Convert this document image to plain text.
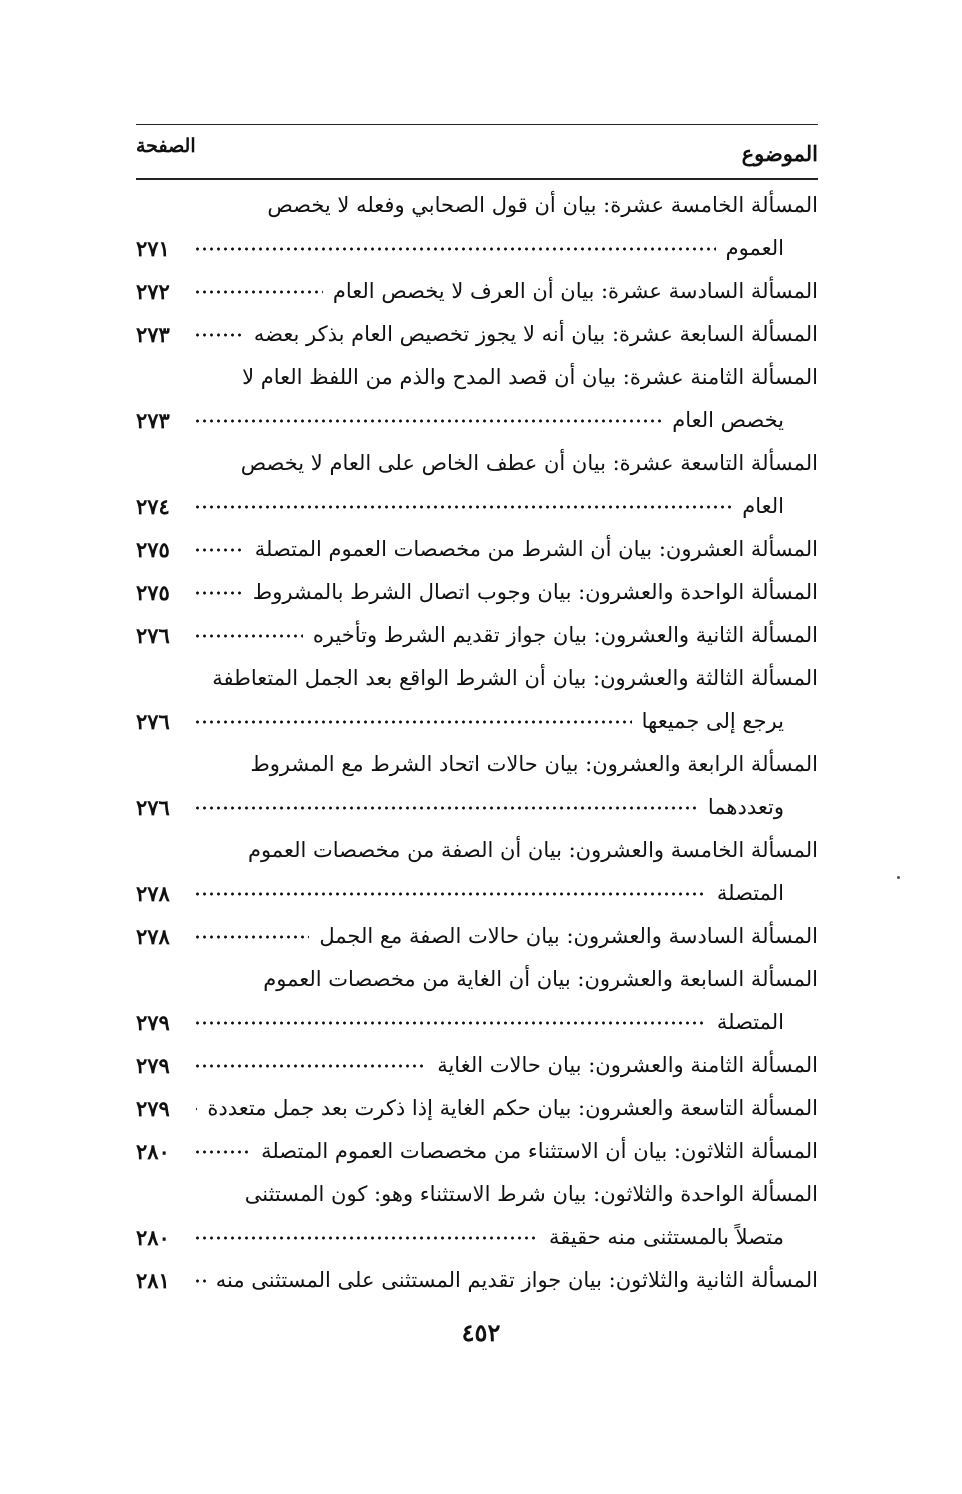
الموضوع
الصفحة
المسألة الخامسة عشرة: بيان أن قول الصحابي وفعله لا يخصص
العموم
٢٧١
المسألة السادسة عشرة: بيان أن العرف لا يخصص العام
٢٧٢
المسألة السابعة عشرة: بيان أنه لا يجوز تخصيص العام بذكر بعضه
٢٧٣
المسألة الثامنة عشرة: بيان أن قصد المدح والذم من اللفظ العام لا
يخصص العام
٢٧٣
المسألة التاسعة عشرة: بيان أن عطف الخاص على العام لا يخصص
العام
٢٧٤
المسألة العشرون: بيان أن الشرط من مخصصات العموم المتصلة
٢٧٥
المسألة الواحدة والعشرون: بيان وجوب اتصال الشرط بالمشروط
٢٧٥
المسألة الثانية والعشرون: بيان جواز تقديم الشرط وتأخيره
٢٧٦
المسألة الثالثة والعشرون: بيان أن الشرط الواقع بعد الجمل المتعاطفة
يرجع إلى جميعها
٢٧٦
المسألة الرابعة والعشرون: بيان حالات اتحاد الشرط مع المشروط
وتعددهما
٢٧٦
المسألة الخامسة والعشرون: بيان أن الصفة من مخصصات العموم
المتصلة
٢٧٨
المسألة السادسة والعشرون: بيان حالات الصفة مع الجمل
٢٧٨
المسألة السابعة والعشرون: بيان أن الغاية من مخصصات العموم
المتصلة
٢٧٩
المسألة الثامنة والعشرون: بيان حالات الغاية
٢٧٩
المسألة التاسعة والعشرون: بيان حكم الغاية إذا ذكرت بعد جمل متعددة
٢٧٩
المسألة الثلاثون: بيان أن الاستثناء من مخصصات العموم المتصلة
٢٨٠
المسألة الواحدة والثلاثون: بيان شرط الاستثناء وهو: كون المستثنى
متصلاً بالمستثنى منه حقيقة
٢٨٠
المسألة الثانية والثلاثون: بيان جواز تقديم المستثنى على المستثنى منه
٢٨١
٤٥٢
